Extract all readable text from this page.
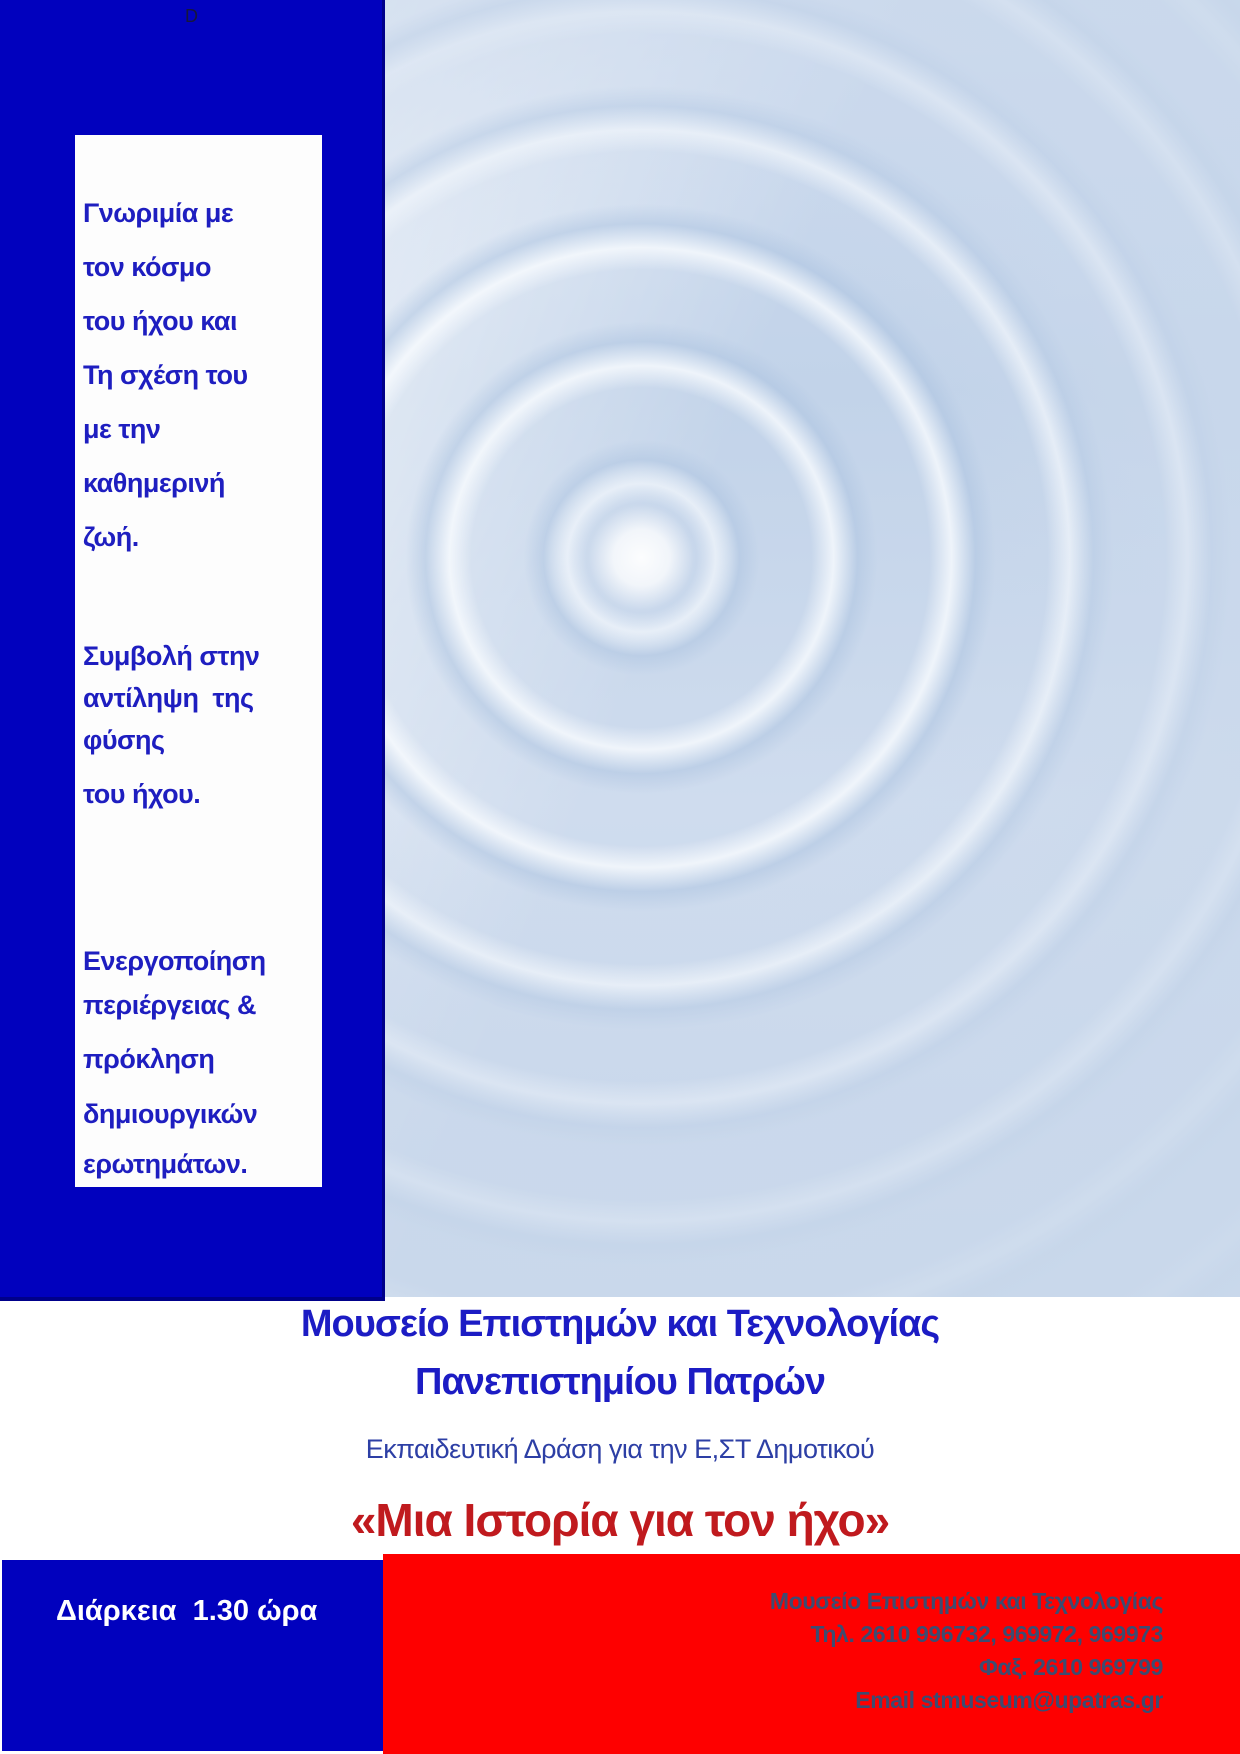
D
Γνωριμία με
τον κόσμο
του ήχου και
Τη σχέση του
με την
καθημερινή
ζωή.
Συμβολή στην
αντίληψη  της
φύσης
του ήχου.
Ενεργοποίηση
περιέργειας &
πρόκληση
δημιουργικών
ερωτημάτων.
Μουσείο Επιστημών και Τεχνολογίας
Πανεπιστημίου Πατρών
Εκπαιδευτική Δράση για την Ε,ΣΤ Δημοτικού
«Μια Ιστορία για τον ήχο»
Μουσείο Επιστημών και Τεχνολογίας
Τηλ. 2610 996732, 969972, 969973
Φαξ. 2610 969799
Email stmuseum@upatras.gr
Διάρκεια  1.30 ώρα
